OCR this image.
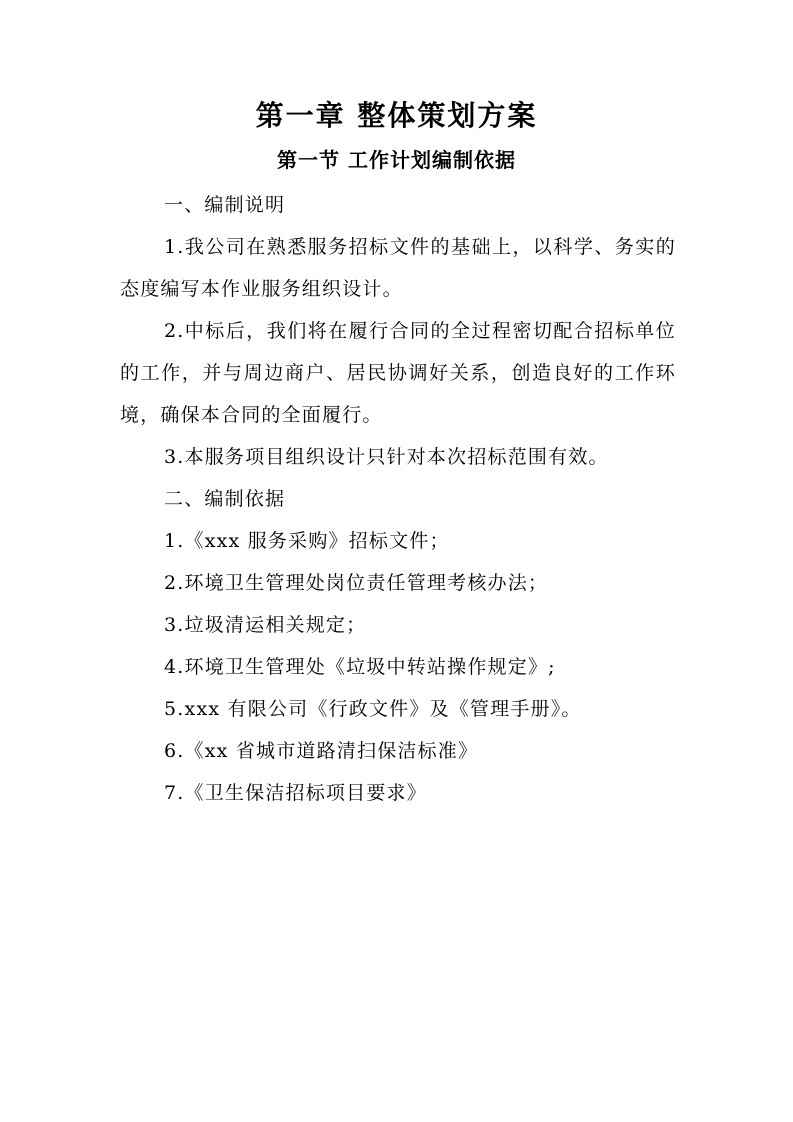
第一章 整体策划方案
第一节 工作计划编制依据
一、编制说明
1.我公司在熟悉服务招标文件的基础上，以科学、务实的态度编写本作业服务组织设计。
2.中标后，我们将在履行合同的全过程密切配合招标单位的工作，并与周边商户、居民协调好关系，创造良好的工作环境，确保本合同的全面履行。
3.本服务项目组织设计只针对本次招标范围有效。
二、编制依据
1.《xxx 服务采购》招标文件；
2.环境卫生管理处岗位责任管理考核办法；
3.垃圾清运相关规定；
4.环境卫生管理处《垃圾中转站操作规定》;
5.xxx 有限公司《行政文件》及《管理手册》。
6.《xx 省城市道路清扫保洁标准》
7.《卫生保洁招标项目要求》
